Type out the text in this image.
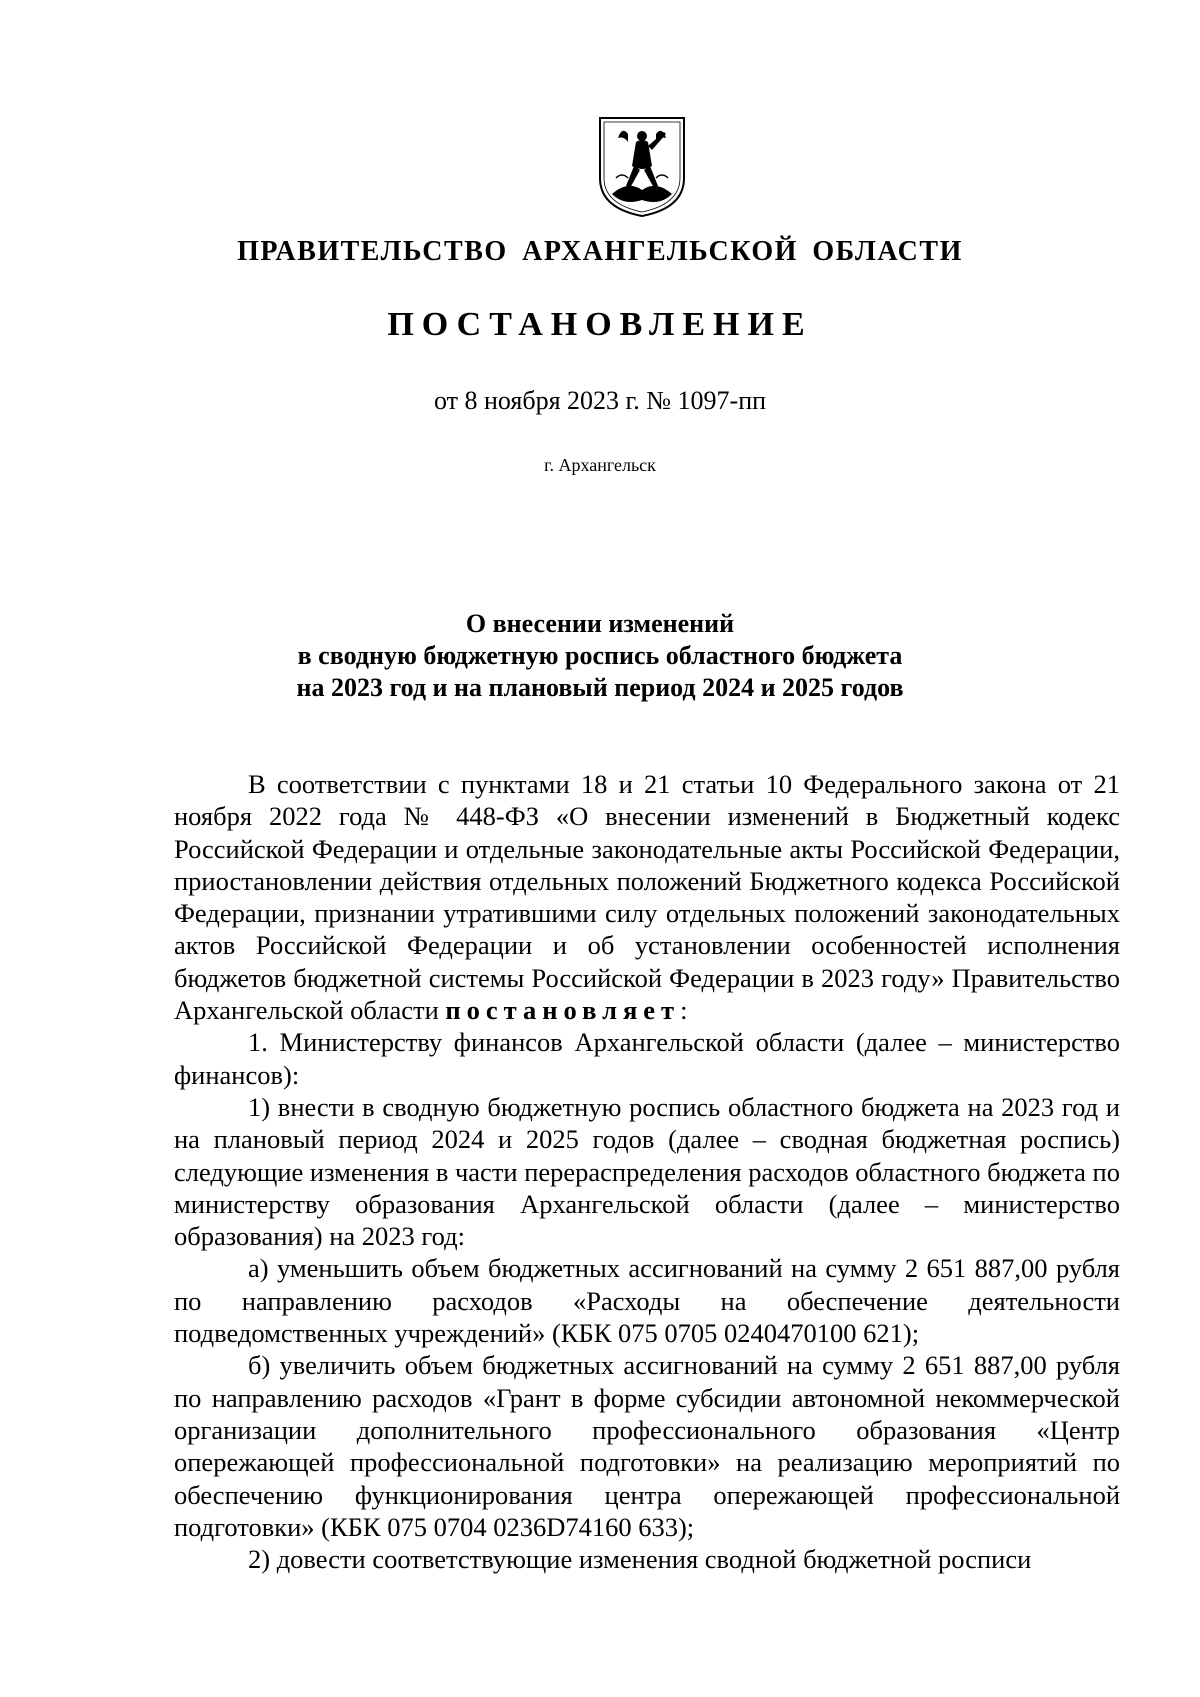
ПРАВИТЕЛЬСТВО АРХАНГЕЛЬСКОЙ ОБЛАСТИ
ПОСТАНОВЛЕНИЕ
от 8 ноября 2023 г. № 1097-пп
г. Архангельск
О внесении изменений
в сводную бюджетную роспись областного бюджета
на 2023 год и на плановый период 2024 и 2025 годов

В соответствии с пунктами 18 и 21 статьи 10 Федерального закона от 21 ноября 2022 года № 448-ФЗ «О внесении изменений в Бюджетный кодекс Российской Федерации и отдельные законодательные акты Российской Федерации, приостановлении действия отдельных положений Бюджетного кодекса Российской Федерации, признании утратившими силу отдельных положений законодательных актов Российской Федерации и об установлении особенностей исполнения бюджетов бюджетной системы Российской Федерации в 2023 году» Правительство Архангельской области постановляет:

1. Министерству финансов Архангельской области (далее – министерство финансов):

1) внести в сводную бюджетную роспись областного бюджета на 2023 год и на плановый период 2024 и 2025 годов (далее – сводная бюджетная роспись) следующие изменения в части перераспределения расходов областного бюджета по министерству образования Архангельской области (далее – министерство образования) на 2023 год:

а) уменьшить объем бюджетных ассигнований на сумму 2 651 887,00 рубля по направлению расходов «Расходы на обеспечение деятельности подведомственных учреждений» (КБК 075 0705 0240470100 621);

б) увеличить объем бюджетных ассигнований на сумму 2 651 887,00 рубля по направлению расходов «Грант в форме субсидии автономной некоммерческой организации дополнительного профессионального образования «Центр опережающей профессиональной подготовки» на реализацию мероприятий по обеспечению функционирования центра опережающей профессиональной подготовки» (КБК 075 0704 0236D74160 633);

2) довести соответствующие изменения сводной бюджетной росписи
